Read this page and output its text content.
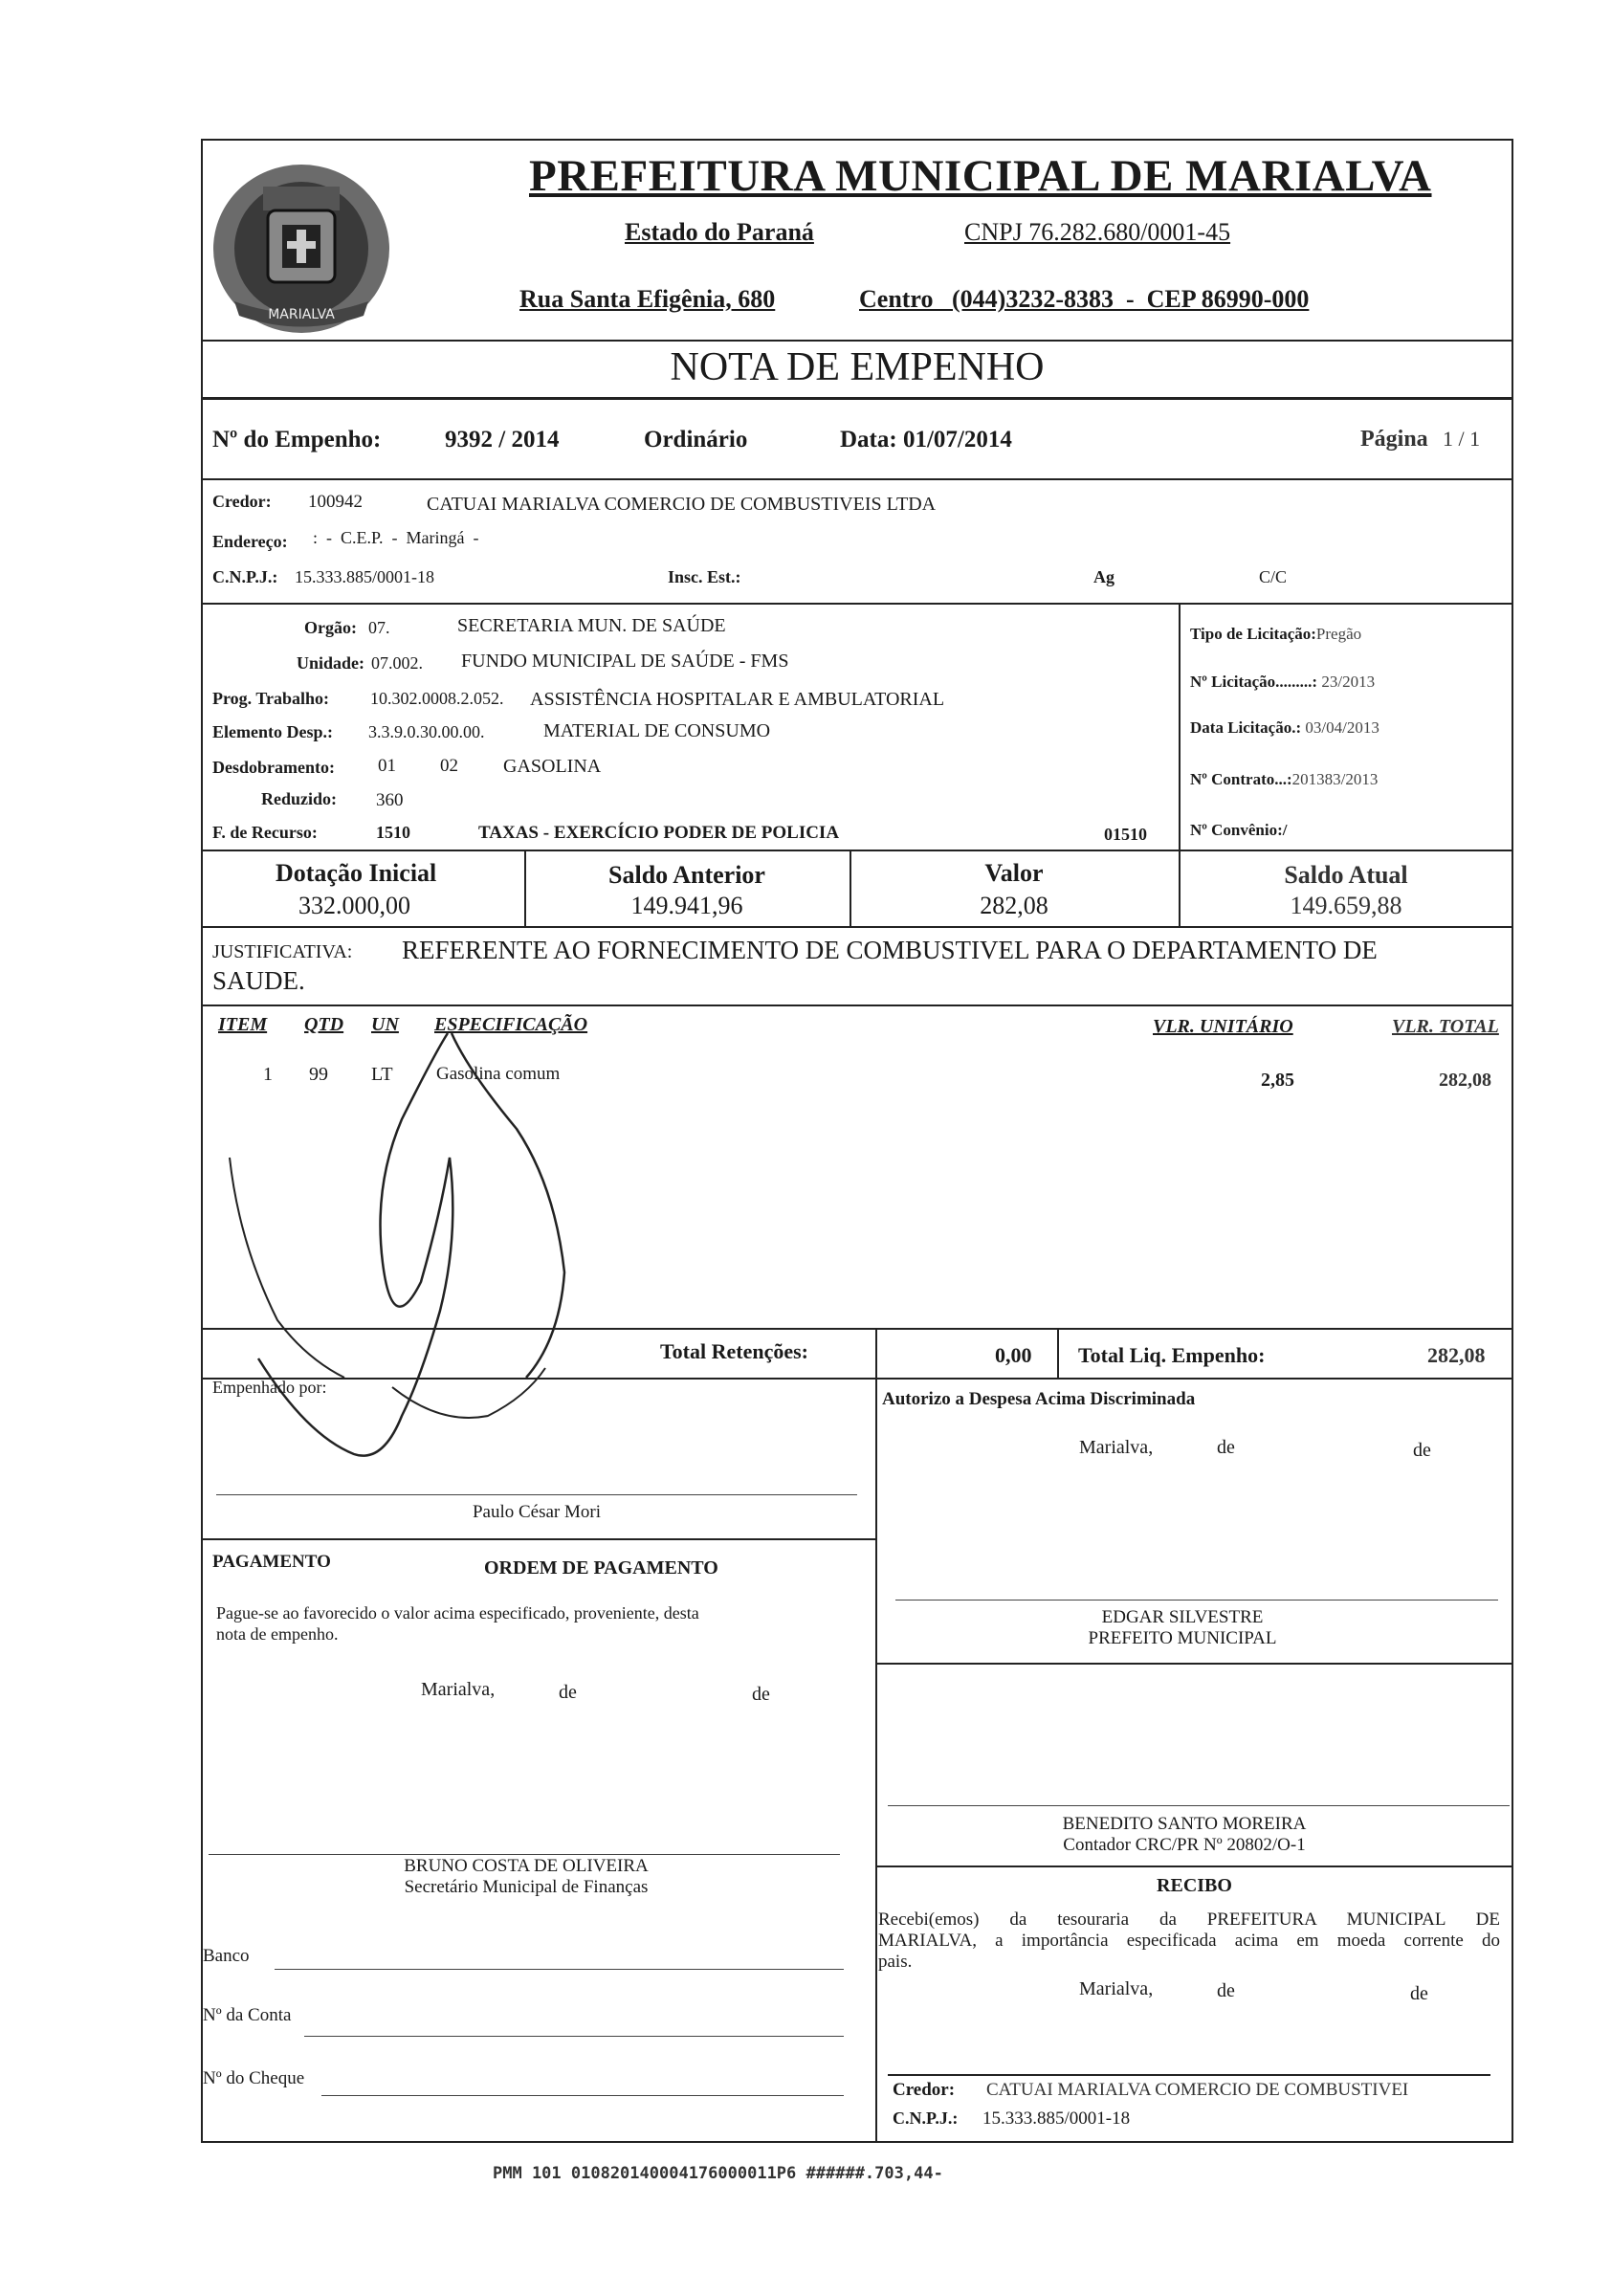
MARIALVA
PREFEITURA MUNICIPAL DE MARIALVA
Estado do Paraná	CNPJ 76.282.680/0001-45
Rua Santa Efigênia, 680	Centro   (044)3232-8383  -  CEP 86990-000
NOTA DE EMPENHO
Nº do Empenho:	9392 / 2014	Ordinário	Data: 01/07/2014	Página 1 / 1
Credor: 100942	CATUAI MARIALVA COMERCIO DE COMBUSTIVEIS LTDA
Endereço: :  -  C.E.P.  -  Maringá  -
C.N.P.J.: 15.333.885/0001-18	Insc. Est.:	Ag	C/C
Orgão: 07.	SECRETARIA MUN. DE SAÚDE
Unidade: 07.002. FUNDO MUNICIPAL DE SAÚDE - FMS
Prog. Trabalho: 10.302.0008.2.052. ASSISTÊNCIA HOSPITALAR E AMBULATORIAL
Elemento Desp.: 3.3.9.0.30.00.00.	MATERIAL DE CONSUMO
Desdobramento: 01 02 GASOLINA
Reduzido: 360
F. de Recurso:	1510	TAXAS - EXERCÍCIO PODER DE POLICIA	01510
Tipo de Licitação:Pregão
Nº Licitação.........: 23/2013
Data Licitação.: 03/04/2013
Nº Contrato...:201383/2013
Nº Convênio:/
Dotação Inicial
332.000,00
Saldo Anterior
149.941,96
Valor
282,08
Saldo Atual
149.659,88
JUSTIFICATIVA: REFERENTE AO FORNECIMENTO DE COMBUSTIVEL PARA O DEPARTAMENTO DE
SAUDE.
ITEM QTD UN ESPECIFICAÇÃO	VLR. UNITÁRIO	VLR. TOTAL
1 99 LT Gasolina comum	2,85	282,08
Total Retenções:	0,00 Total Liq. Empenho:	282,08
Empenhado por:
Paulo César Mori
Autorizo a Despesa Acima Discriminada
Marialva,	de	de
EDGAR SILVESTRE
PREFEITO MUNICIPAL
PAGAMENTO	ORDEM DE PAGAMENTO
Pague-se ao favorecido o valor acima especificado, proveniente, desta
nota de empenho.
Marialva,	de	de
BRUNO COSTA DE OLIVEIRA
Secretário Municipal de Finanças
Banco
Nº da Conta
Nº do Cheque
BENEDITO SANTO MOREIRA
Contador CRC/PR Nº 20802/O-1
RECIBO
Recebi(emos) da tesouraria da PREFEITURA MUNICIPAL DE
MARIALVA, a importância especificada acima em moeda corrente do
pais.
Marialva,	de	de
Credor: CATUAI MARIALVA COMERCIO DE COMBUSTIVEI
C.N.P.J.: 15.333.885/0001-18
PMM 101 010820140004176000011P6 ######.703,44-
